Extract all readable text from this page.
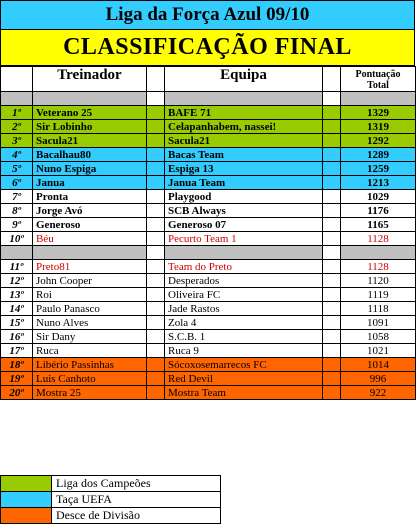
Liga da Força Azul 09/10
CLASSIFICAÇÃO FINAL
	Treinador		Equipa		Pontuação
Total

1º	Veterano 25		BAFE 71		1329
2º	Sir Lobinho		Celapanhabem, nassei!		1319
3º	Sacula21		Sacula21		1292
4º	Bacalhau80		Bacas Team		1289
5º	Nuno Espiga		Espiga 13		1259
6º	Janua		Janua Team		1213
7º	Pronta		Playgood		1029
8º	Jorge Avó		SCB Always		1176
9º	Generoso		Generoso 07		1165
10º	Béu		Pecurto Team 1		1128

11º	Preto81		Team do Preto		1128
12º	John Cooper		Desperados		1120
13º	Roi		Oliveira FC		1119
14º	Paulo Panasco		Jade Rastos		1118
15º	Nuno Alves		Zola 4		1091
16º	Sir Dany		S.C.B. 1		1058
17º	Ruca		Ruca 9		1021
18º	Libério Passinhas		Sócoxosemarrecos FC		1014
19º	Luis Canhoto		Red Devil		996
20º	Mostra 25		Mostra Team		922
	Liga dos Campeões
	Taça UEFA
	Desce de Divisão
